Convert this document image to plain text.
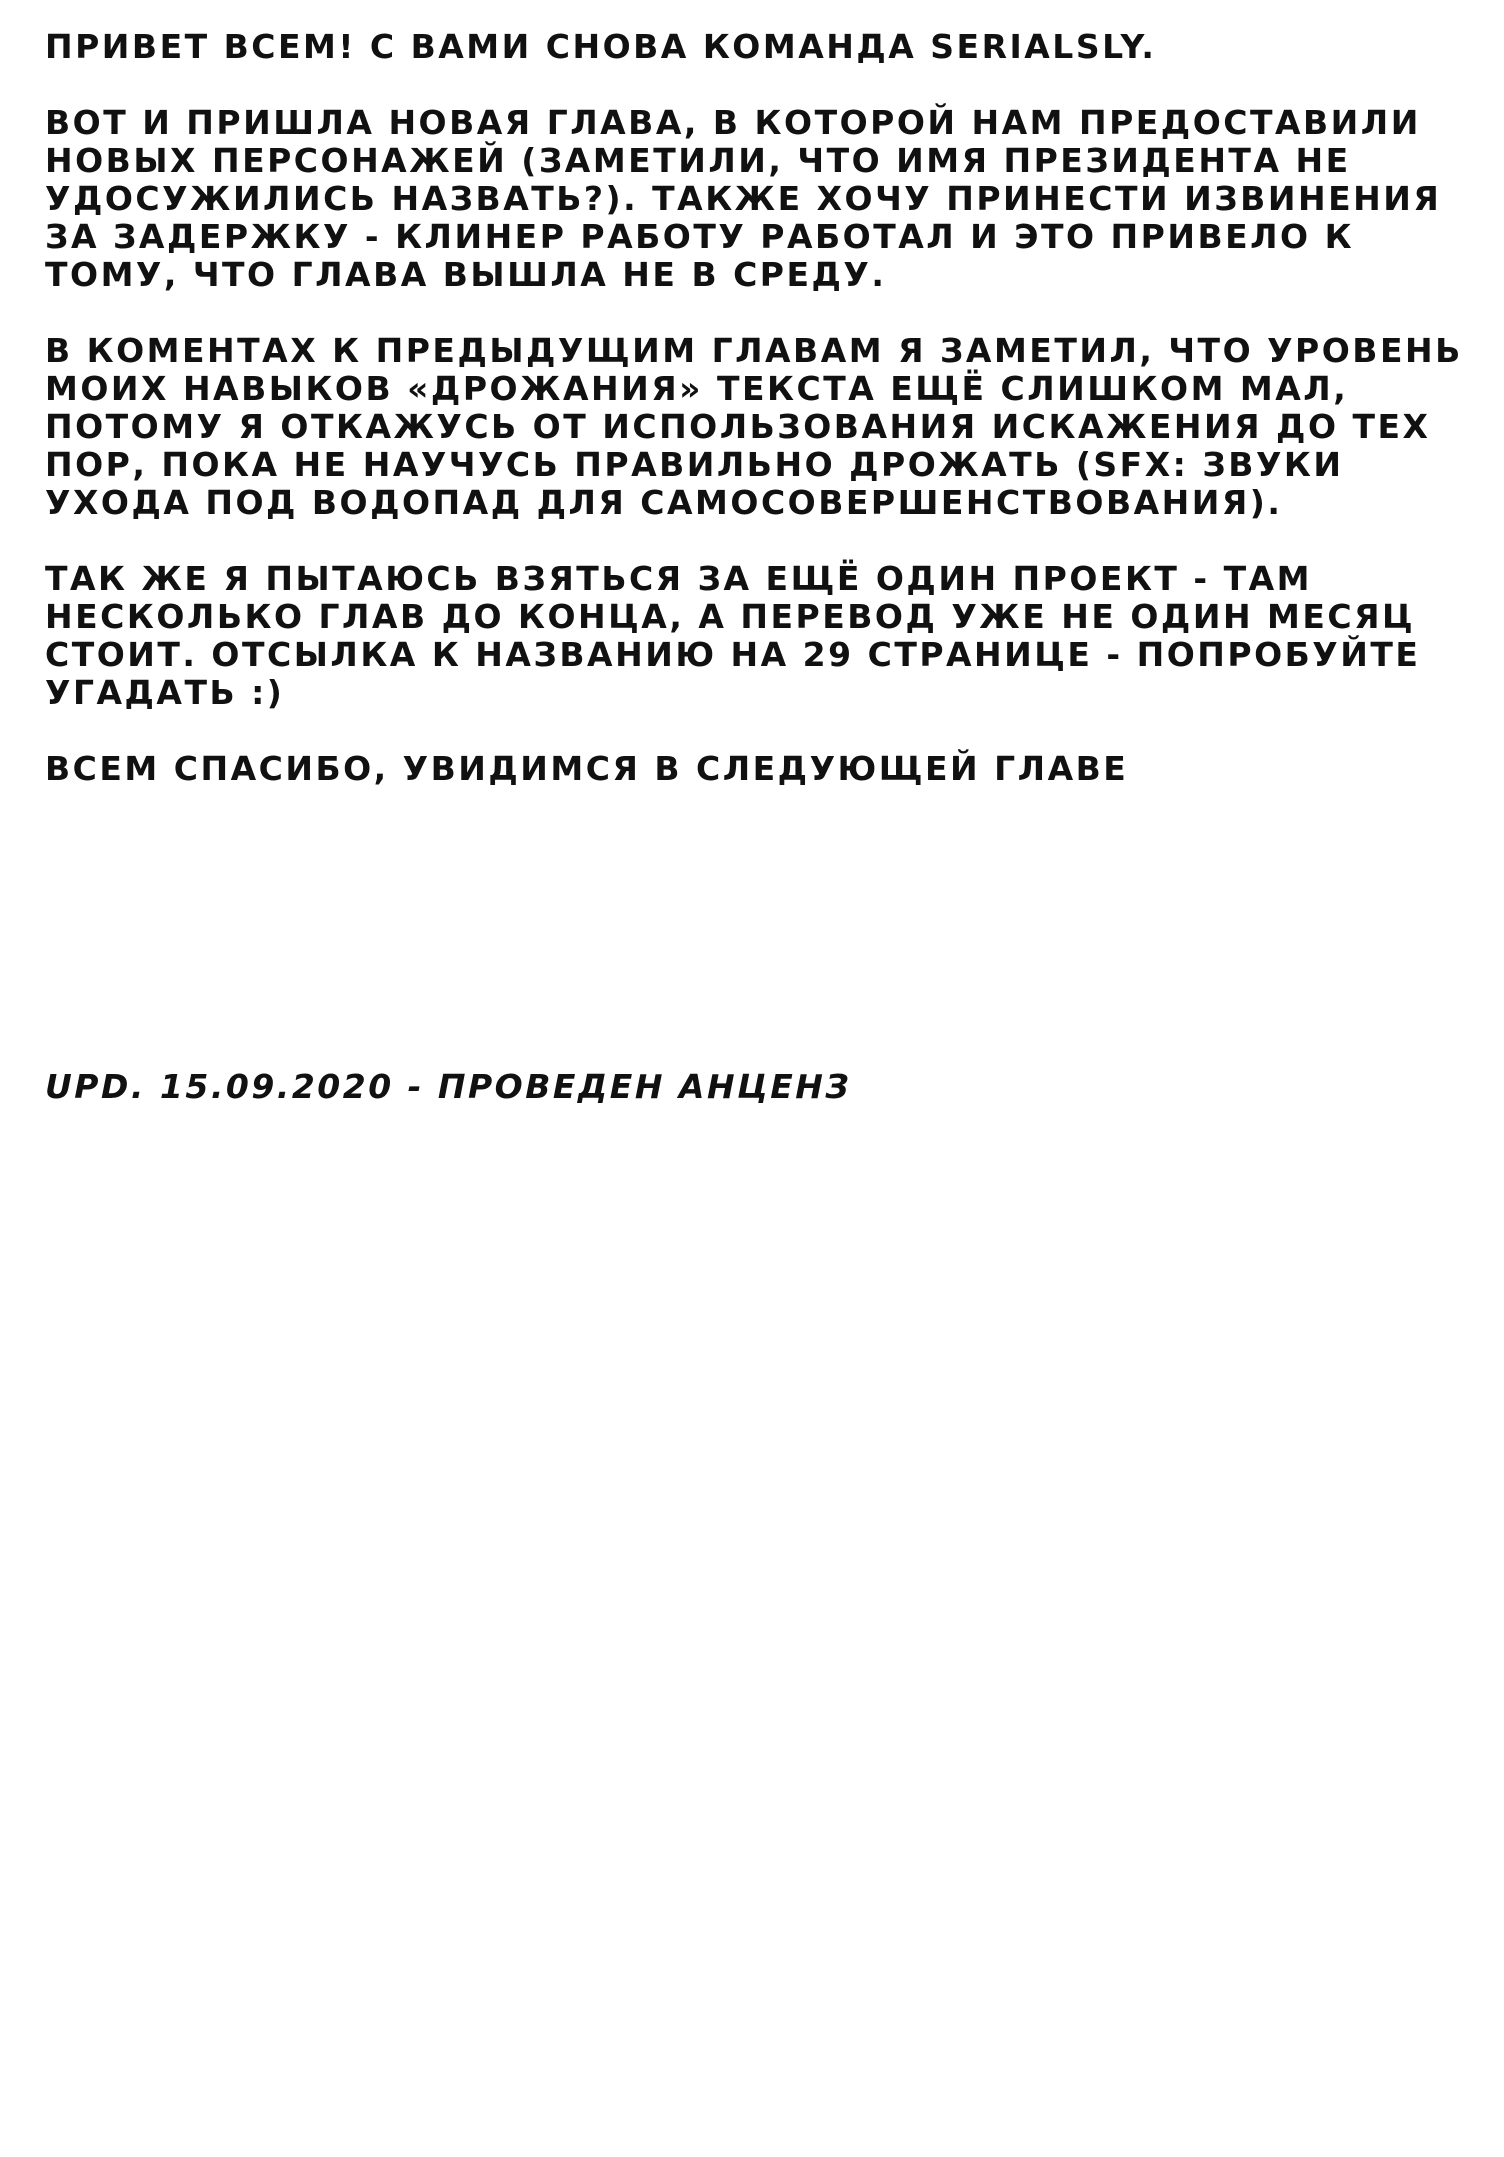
ПРИВЕТ ВСЕМ! С ВАМИ СНОВА КОМАНДА SERIALSLY.

ВОТ И ПРИШЛА НОВАЯ ГЛАВА, В КОТОРОЙ НАМ ПРЕДОСТАВИЛИ НОВЫХ ПЕРСОНАЖЕЙ (ЗАМЕТИЛИ, ЧТО ИМЯ ПРЕЗИДЕНТА НЕ УДОСУЖИЛИСЬ НАЗВАТЬ?). ТАКЖЕ ХОЧУ ПРИНЕСТИ ИЗВИНЕНИЯ ЗА ЗАДЕРЖКУ - КЛИНЕР РАБОТУ РАБОТАЛ И ЭТО ПРИВЕЛО К ТОМУ, ЧТО ГЛАВА ВЫШЛА НЕ В СРЕДУ.

В КОМЕНТАХ К ПРЕДЫДУЩИМ ГЛАВАМ Я ЗАМЕТИЛ, ЧТО УРОВЕНЬ МОИХ НАВЫКОВ «ДРОЖАНИЯ» ТЕКСТА ЕЩЁ СЛИШКОМ МАЛ, ПОТОМУ Я ОТКАЖУСЬ ОТ ИСПОЛЬЗОВАНИЯ ИСКАЖЕНИЯ ДО ТЕХ ПОР, ПОКА НЕ НАУЧУСЬ ПРАВИЛЬНО ДРОЖАТЬ (SFX: ЗВУКИ УХОДА ПОД ВОДОПАД ДЛЯ САМОСОВЕРШЕНСТВОВАНИЯ).

ТАК ЖЕ Я ПЫТАЮСЬ ВЗЯТЬСЯ ЗА ЕЩЁ ОДИН ПРОЕКТ - ТАМ НЕСКОЛЬКО ГЛАВ ДО КОНЦА, А ПЕРЕВОД УЖЕ НЕ ОДИН МЕСЯЦ СТОИТ. ОТСЫЛКА К НАЗВАНИЮ НА 29 СТРАНИЦЕ - ПОПРОБУЙТЕ УГАДАТЬ :)

ВСЕМ СПАСИБО, УВИДИМСЯ В СЛЕДУЮЩЕЙ ГЛАВЕ

UPD. 15.09.2020 - ПРОВЕДЕН АНЦЕНЗ
